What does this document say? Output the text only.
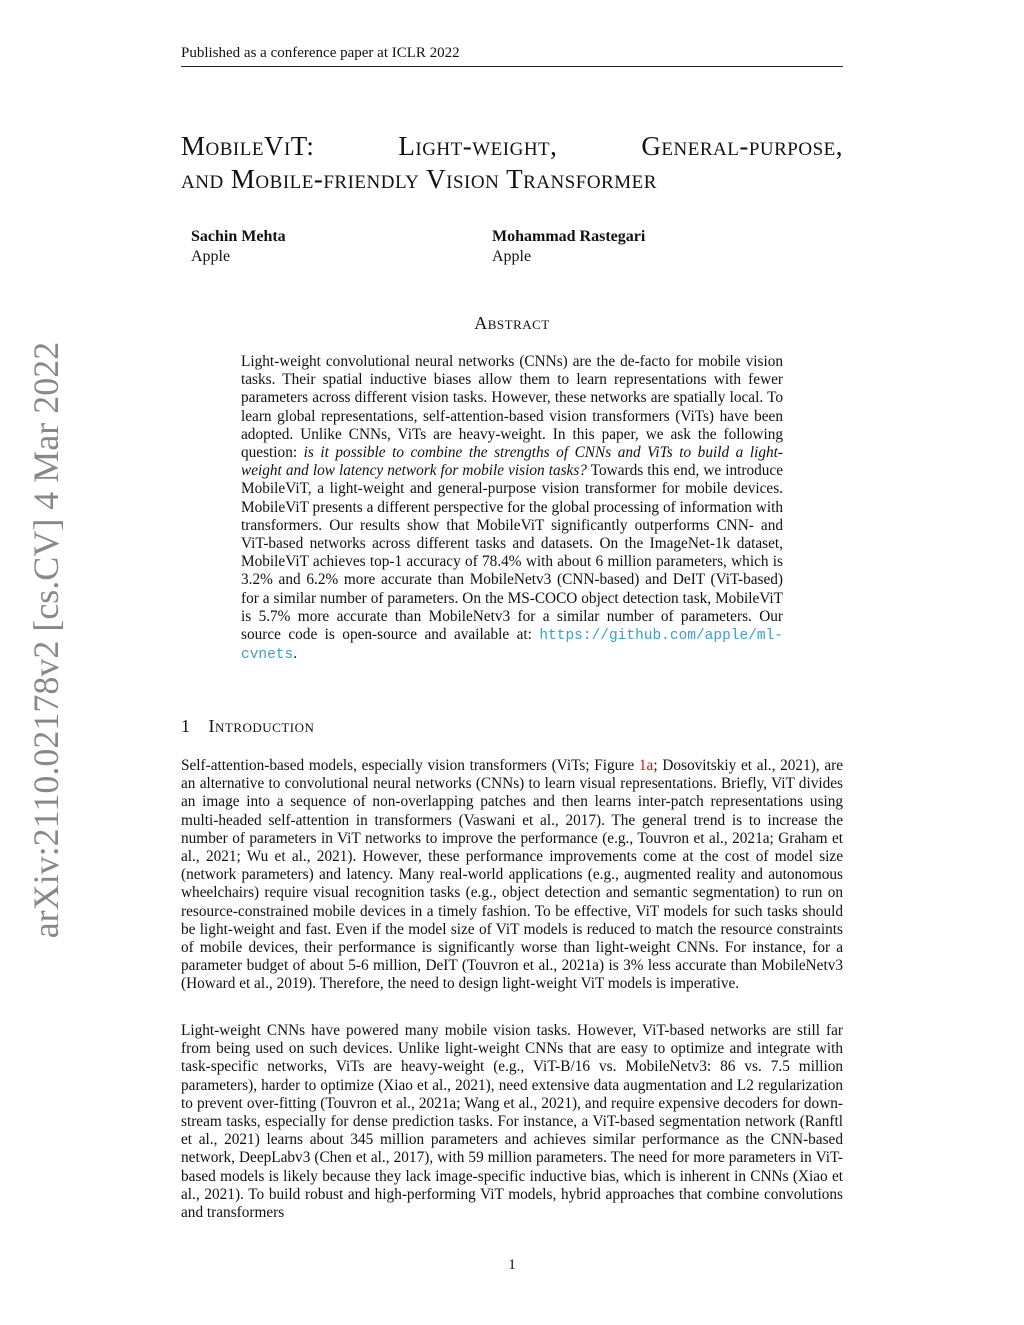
Published as a conference paper at ICLR 2022
MobileViT:	Light-weight,	General-purpose,
and Mobile-friendly Vision Transformer
Sachin Mehta
Apple
Mohammad Rastegari
Apple
Abstract
Light-weight convolutional neural networks (CNNs) are the de-facto for mobile vision tasks. Their spatial inductive biases allow them to learn representations with fewer parameters across different vision tasks. However, these networks are spatially local. To learn global representations, self-attention-based vision transformers (ViTs) have been adopted. Unlike CNNs, ViTs are heavy-weight. In this paper, we ask the following question: is it possible to combine the strengths of CNNs and ViTs to build a light-weight and low latency network for mobile vision tasks? Towards this end, we introduce MobileViT, a light-weight and general-purpose vision transformer for mobile devices. MobileViT presents a different perspective for the global processing of information with transformers. Our results show that MobileViT significantly outperforms CNN- and ViT-based networks across different tasks and datasets. On the ImageNet-1k dataset, MobileViT achieves top-1 accuracy of 78.4% with about 6 million parameters, which is 3.2% and 6.2% more accurate than MobileNetv3 (CNN-based) and DeIT (ViT-based) for a similar number of parameters. On the MS-COCO object detection task, MobileViT is 5.7% more accurate than MobileNetv3 for a similar number of parameters. Our source code is open-source and available at: https://github.com/apple/ml-cvnets.
1 Introduction
Self-attention-based models, especially vision transformers (ViTs; Figure 1a; Dosovitskiy et al., 2021), are an alternative to convolutional neural networks (CNNs) to learn visual representations. Briefly, ViT divides an image into a sequence of non-overlapping patches and then learns inter-patch representations using multi-headed self-attention in transformers (Vaswani et al., 2017). The general trend is to increase the number of parameters in ViT networks to improve the performance (e.g., Touvron et al., 2021a; Graham et al., 2021; Wu et al., 2021). However, these performance improvements come at the cost of model size (network parameters) and latency. Many real-world applications (e.g., augmented reality and autonomous wheelchairs) require visual recognition tasks (e.g., object detection and semantic segmentation) to run on resource-constrained mobile devices in a timely fashion. To be effective, ViT models for such tasks should be light-weight and fast. Even if the model size of ViT models is reduced to match the resource constraints of mobile devices, their performance is significantly worse than light-weight CNNs. For instance, for a parameter budget of about 5-6 million, DeIT (Touvron et al., 2021a) is 3% less accurate than MobileNetv3 (Howard et al., 2019). Therefore, the need to design light-weight ViT models is imperative.
Light-weight CNNs have powered many mobile vision tasks. However, ViT-based networks are still far from being used on such devices. Unlike light-weight CNNs that are easy to optimize and integrate with task-specific networks, ViTs are heavy-weight (e.g., ViT-B/16 vs. MobileNetv3: 86 vs. 7.5 million parameters), harder to optimize (Xiao et al., 2021), need extensive data augmentation and L2 regularization to prevent over-fitting (Touvron et al., 2021a; Wang et al., 2021), and require expensive decoders for down-stream tasks, especially for dense prediction tasks. For instance, a ViT-based segmentation network (Ranftl et al., 2021) learns about 345 million parameters and achieves similar performance as the CNN-based network, DeepLabv3 (Chen et al., 2017), with 59 million parameters. The need for more parameters in ViT-based models is likely because they lack image-specific inductive bias, which is inherent in CNNs (Xiao et al., 2021). To build robust and high-performing ViT models, hybrid approaches that combine convolutions and transformers
1
arXiv:2110.02178v2 [cs.CV] 4 Mar 2022
